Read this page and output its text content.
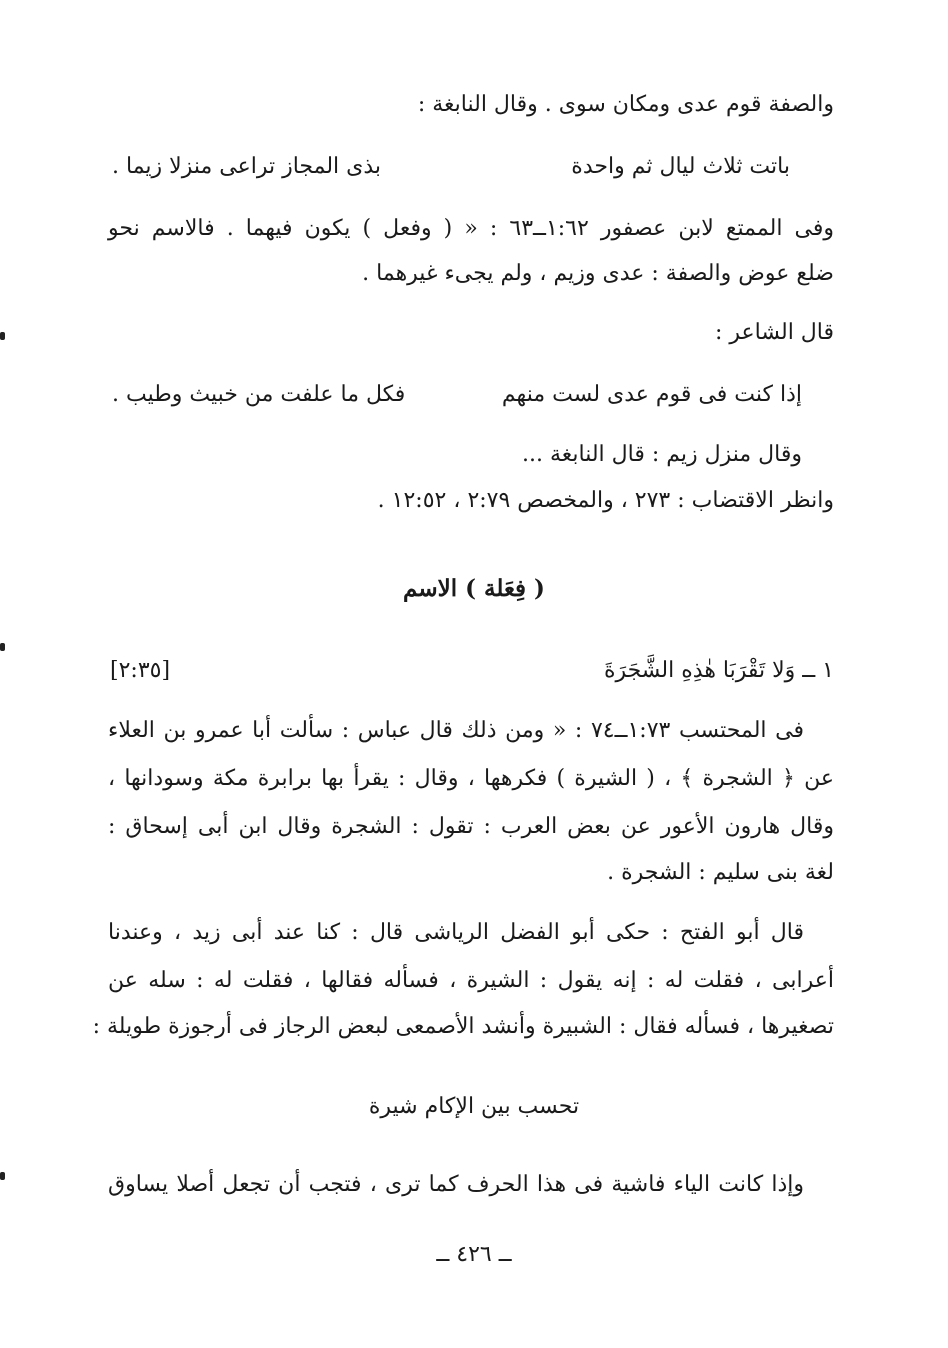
والصفة قوم عدى ومكان سوى . وقال النابغة :
باتت ثلاث ليال ثم واحدة
بذى المجاز تراعى منزلا زيما .
وفى الممتع لابن عصفور ١:٦٢ــ٦٣ : « ( وفعل ) يكون فيهما . فالاسم نحو
ضلع عوض والصفة : عدى وزيم ، ولم يجىء غيرهما .
قال الشاعر :
إذا كنت فى قوم عدى لست منهم
فكل ما علفت من خبيث وطيب .
وقال منزل زيم : قال النابغة ...
وانظر الاقتضاب : ٢٧٣ ، والمخصص ٢:٧٩ ، ١٢:٥٢ .
( فِعَلة ) الاسم
١ ــ وَلا تَقْرَبَا هٰذِهِ الشَّجَرَةَ
[٢:٣٥]
فى المحتسب ١:٧٣ــ٧٤ : « ومن ذلك قال عباس : سألت أبا عمرو بن العلاء
عن ﴿ الشجرة ﴾ ، ( الشيرة ) فكرهها ، وقال : يقرأ بها برابرة مكة وسودانها ،
وقال هارون الأعور عن بعض العرب : تقول : الشجرة وقال ابن أبى إسحاق :
لغة بنى سليم : الشجرة .
قال أبو الفتح : حكى أبو الفضل الرياشى قال : كنا عند أبى زيد ، وعندنا
أعرابى ، فقلت له : إنه يقول : الشيرة ، فسأله فقالها ، فقلت له : سله عن
تصغيرها ، فسأله فقال : الشبيرة وأنشد الأصمعى لبعض الرجاز فى أرجوزة طويلة :
تحسب بين الإكام شيرة
وإذا كانت الياء فاشية فى هذا الحرف كما ترى ، فتجب أن تجعل أصلا يساوق
ــ ٤٢٦ ــ
